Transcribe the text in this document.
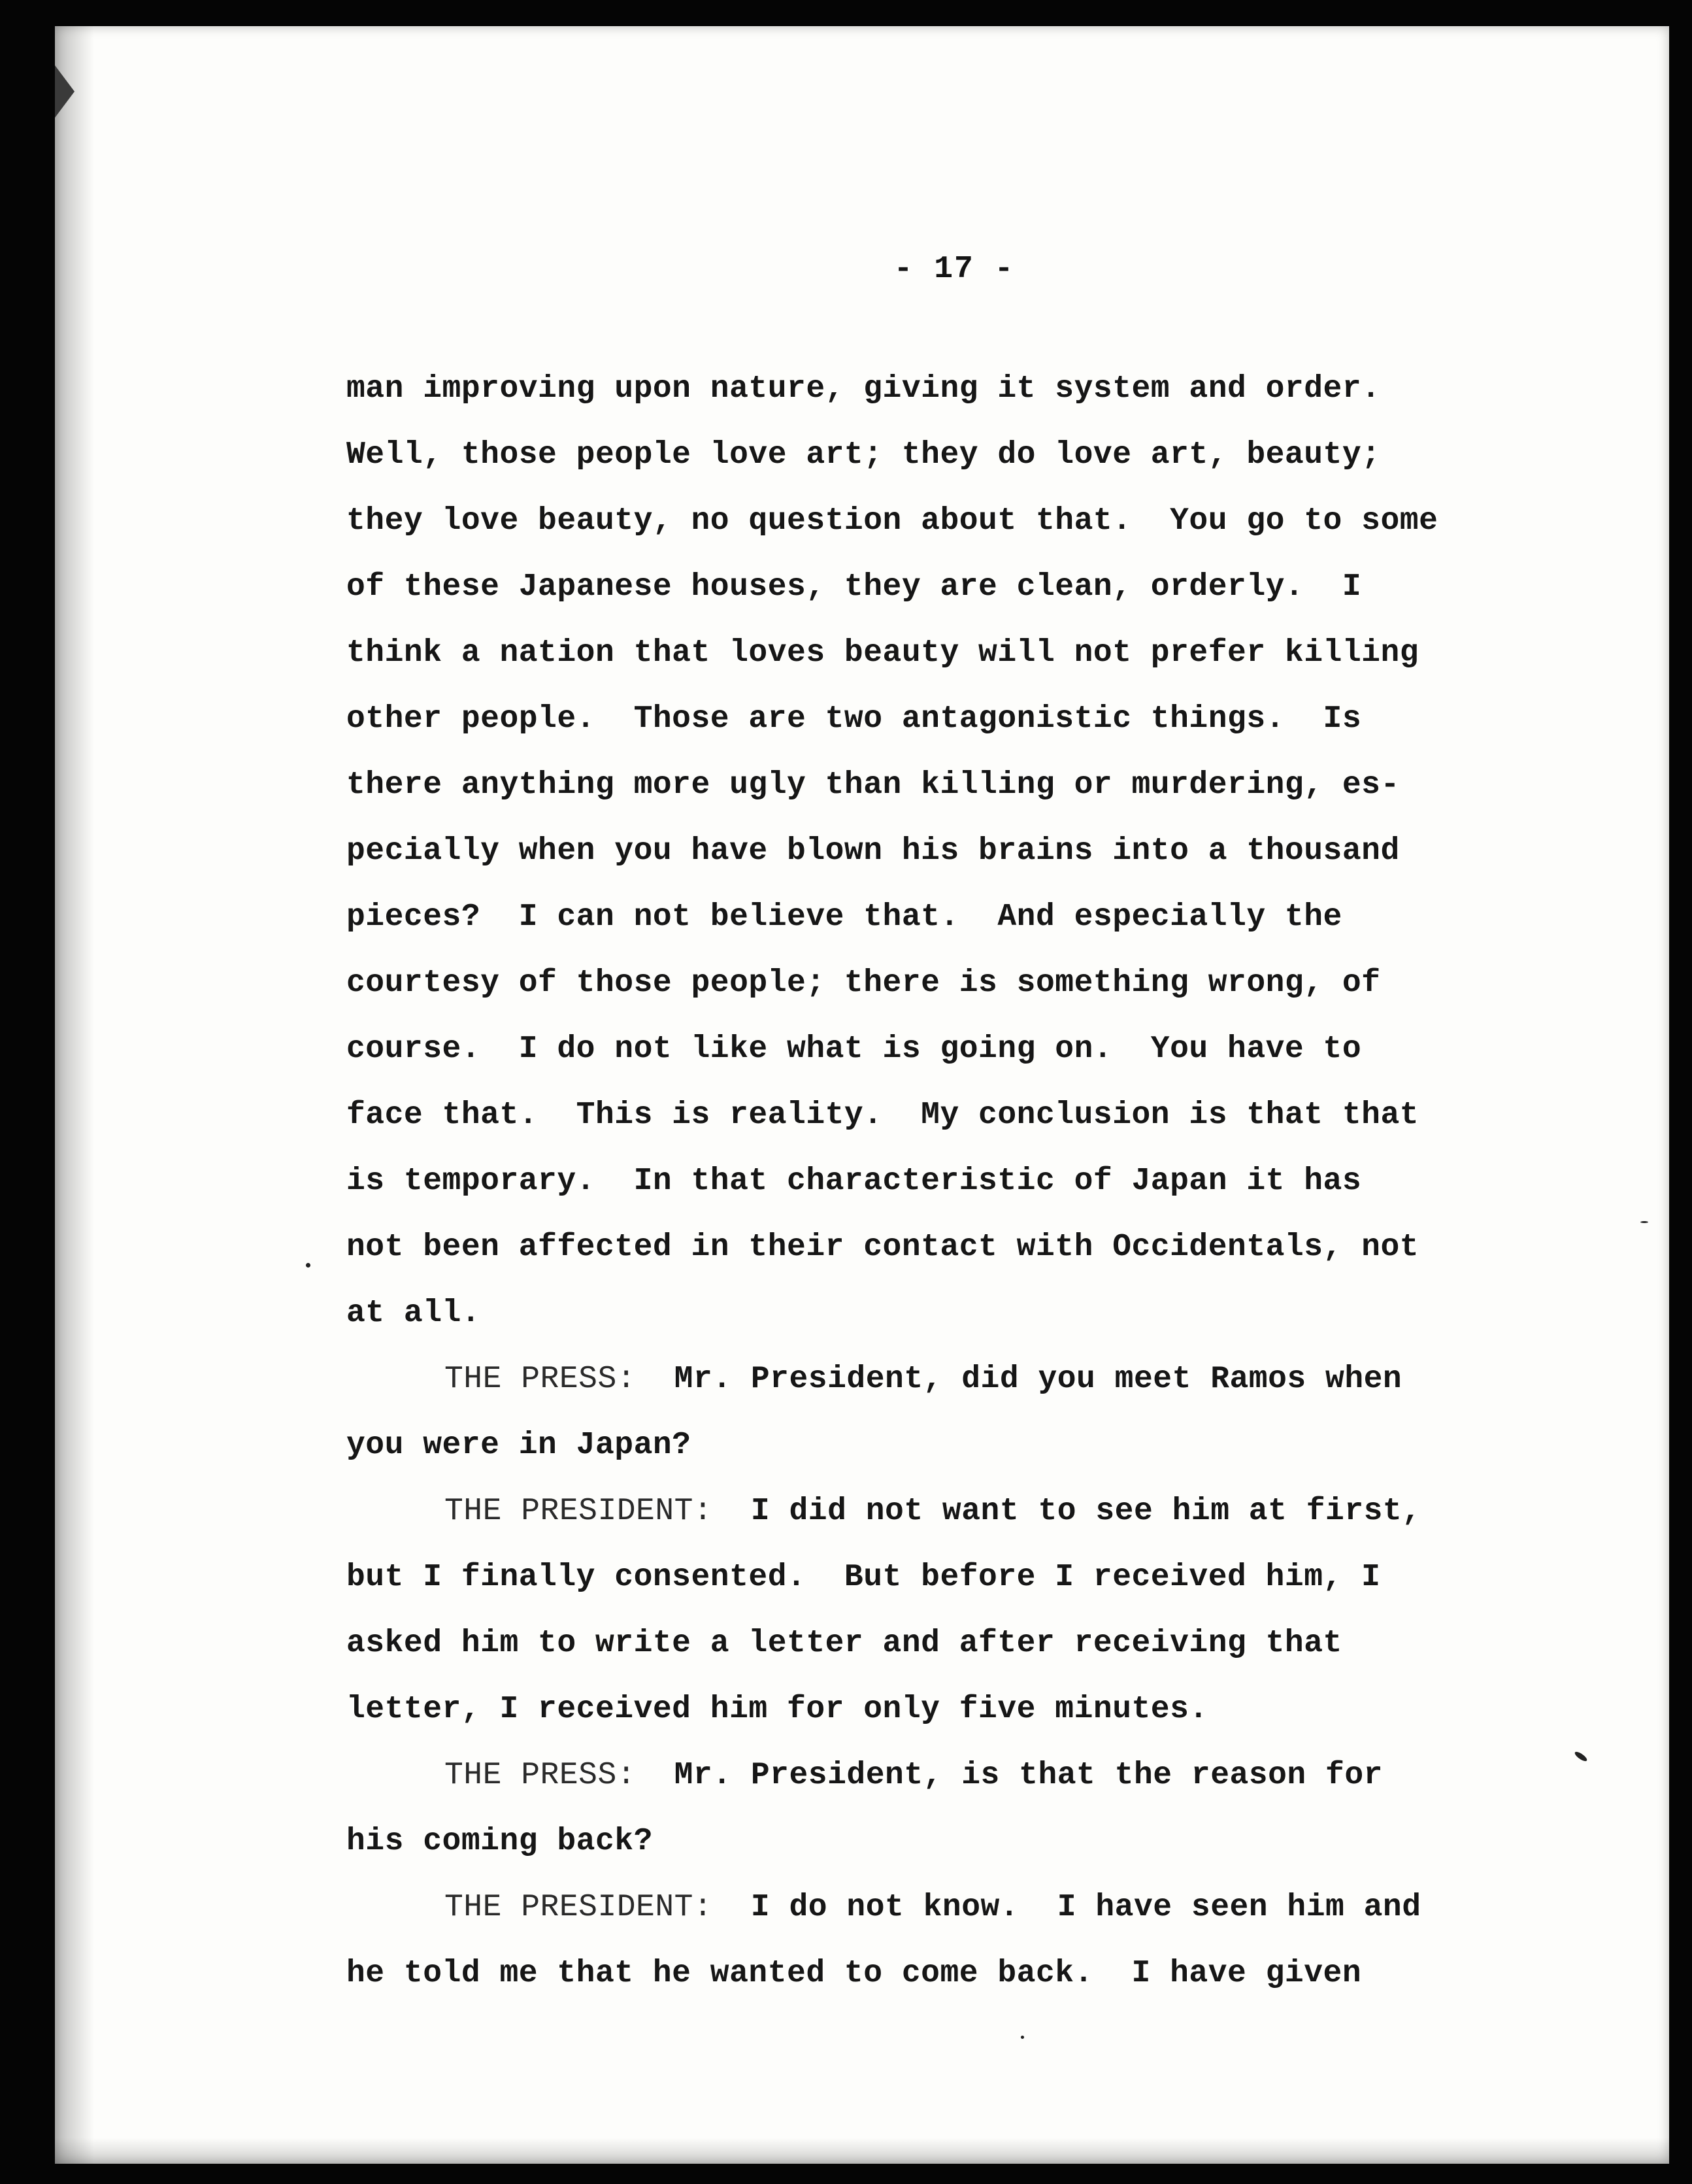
- 17 -
man improving upon nature, giving it system and order.
Well, those people love art; they do love art, beauty;
they love beauty, no question about that.  You go to some
of these Japanese houses, they are clean, orderly.  I
think a nation that loves beauty will not prefer killing
other people.  Those are two antagonistic things.  Is
there anything more ugly than killing or murdering, es-
pecially when you have blown his brains into a thousand
pieces?  I can not believe that.  And especially the
courtesy of those people; there is something wrong, of
course.  I do not like what is going on.  You have to
face that.  This is reality.  My conclusion is that that
is temporary.  In that characteristic of Japan it has
not been affected in their contact with Occidentals, not
at all.
THE PRESS: Mr. President, did you meet Ramos when
you were in Japan?
THE PRESIDENT: I did not want to see him at first,
but I finally consented.  But before I received him, I
asked him to write a letter and after receiving that
letter, I received him for only five minutes.
THE PRESS: Mr. President, is that the reason for
his coming back?
THE PRESIDENT: I do not know.  I have seen him and
he told me that he wanted to come back.  I have given
